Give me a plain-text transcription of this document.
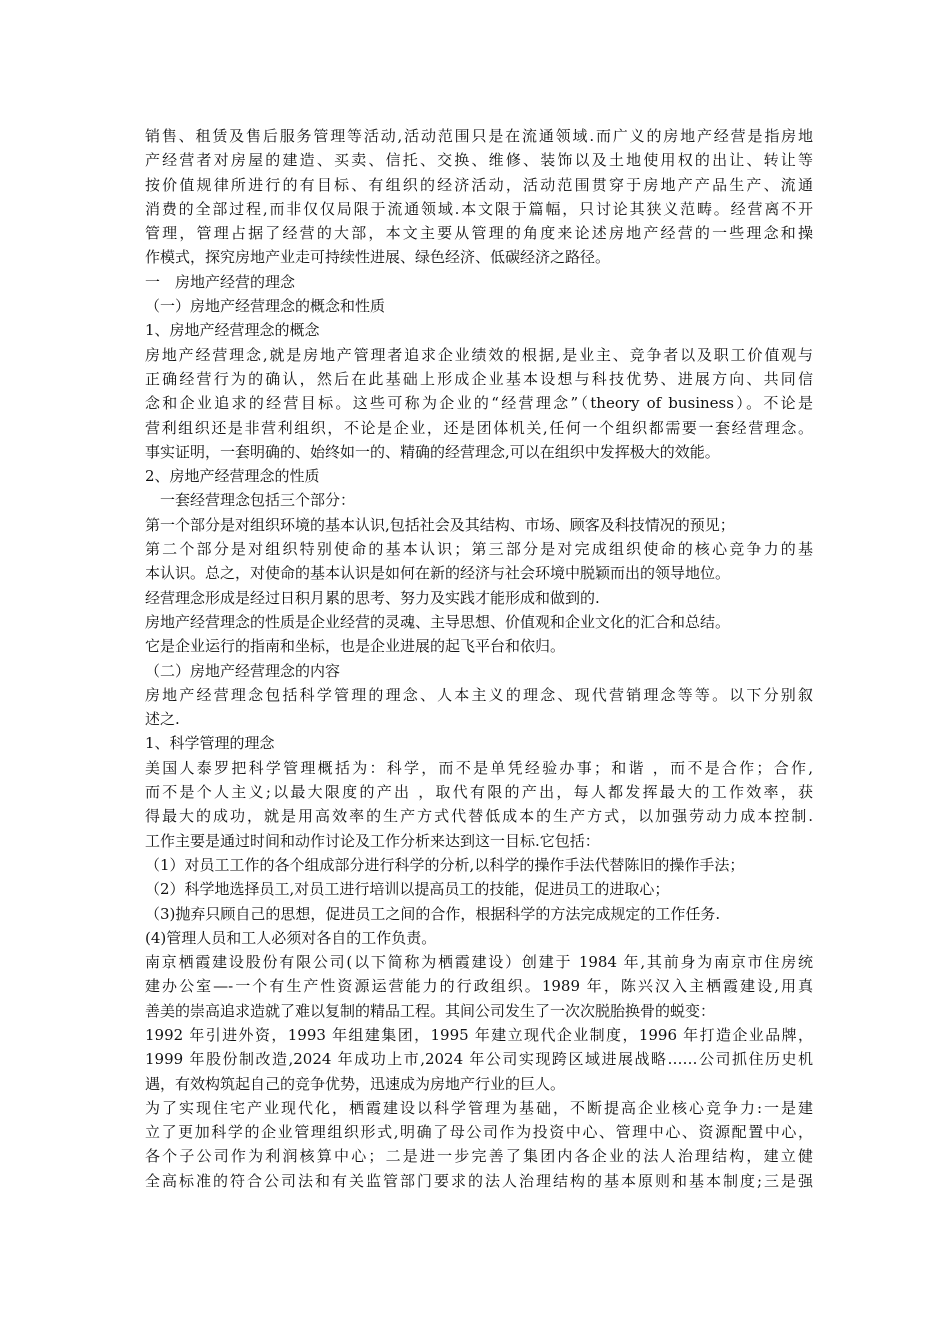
销售、租赁及售后服务管理等活动,活动范围只是在流通领域.而广义的房地产经营是指房地
产经营者对房屋的建造、买卖、信托、交换、维修、装饰以及土地使用权的出让、转让等
按价值规律所进行的有目标、有组织的经济活动，活动范围贯穿于房地产产品生产、流通
消费的全部过程,而非仅仅局限于流通领域.本文限于篇幅，只讨论其狭义范畴。经营离不开
管理，管理占据了经营的大部，本文主要从管理的角度来论述房地产经营的一些理念和操
作模式，探究房地产业走可持续性进展、绿色经济、低碳经济之路径。
一　房地产经营的理念
（一）房地产经营理念的概念和性质
1、房地产经营理念的概念
房地产经营理念,就是房地产管理者追求企业绩效的根据,是业主、竞争者以及职工价值观与
正确经营行为的确认，然后在此基础上形成企业基本设想与科技优势、进展方向、共同信
念和企业追求的经营目标。这些可称为企业的“经营理念”（theory of business）。不论是
营利组织还是非营利组织，不论是企业，还是团体机关,任何一个组织都需要一套经营理念。
事实证明，一套明确的、始终如一的、精确的经营理念,可以在组织中发挥极大的效能。
2、房地产经营理念的性质
　一套经营理念包括三个部分：
第一个部分是对组织环境的基本认识,包括社会及其结构、市场、顾客及科技情况的预见；
第二个部分是对组织特别使命的基本认识；第三部分是对完成组织使命的核心竞争力的基
本认识。总之，对使命的基本认识是如何在新的经济与社会环境中脱颖而出的领导地位。
经营理念形成是经过日积月累的思考、努力及实践才能形成和做到的.
房地产经营理念的性质是企业经营的灵魂、主导思想、价值观和企业文化的汇合和总结。
它是企业运行的指南和坐标，也是企业进展的起飞平台和依归。
（二）房地产经营理念的内容
房地产经营理念包括科学管理的理念、人本主义的理念、现代营销理念等等。以下分别叙
述之.
1、科学管理的理念
美国人泰罗把科学管理概括为：科学，而不是单凭经验办事；和谐 ，而不是合作；合作,
而不是个人主义;以最大限度的产出 ，取代有限的产出，每人都发挥最大的工作效率，获
得最大的成功，就是用高效率的生产方式代替低成本的生产方式，以加强劳动力成本控制.
工作主要是通过时间和动作讨论及工作分析来达到这一目标.它包括：
（1）对员工工作的各个组成部分进行科学的分析,以科学的操作手法代替陈旧的操作手法；
（2）科学地选择员工,对员工进行培训以提高员工的技能，促进员工的进取心；
（3)抛弃只顾自己的思想，促进员工之间的合作，根据科学的方法完成规定的工作任务.
(4)管理人员和工人必须对各自的工作负责。
南京栖霞建设股份有限公司(以下简称为栖霞建设）创建于 1984 年,其前身为南京市住房统
建办公室—-一个有生产性资源运营能力的行政组织。1989 年，陈兴汉入主栖霞建设,用真
善美的崇高追求造就了难以复制的精品工程。其间公司发生了一次次脱胎换骨的蜕变：
1992 年引进外资，1993 年组建集团，1995 年建立现代企业制度，1996 年打造企业品牌，
1999 年股份制改造,2024 年成功上市,2024 年公司实现跨区域进展战略……公司抓住历史机
遇，有效构筑起自己的竞争优势，迅速成为房地产行业的巨人。
为了实现住宅产业现代化，栖霞建设以科学管理为基础，不断提高企业核心竞争力:一是建
立了更加科学的企业管理组织形式,明确了母公司作为投资中心、管理中心、资源配置中心，
各个子公司作为利润核算中心；二是进一步完善了集团内各企业的法人治理结构，建立健
全高标准的符合公司法和有关监管部门要求的法人治理结构的基本原则和基本制度;三是强
